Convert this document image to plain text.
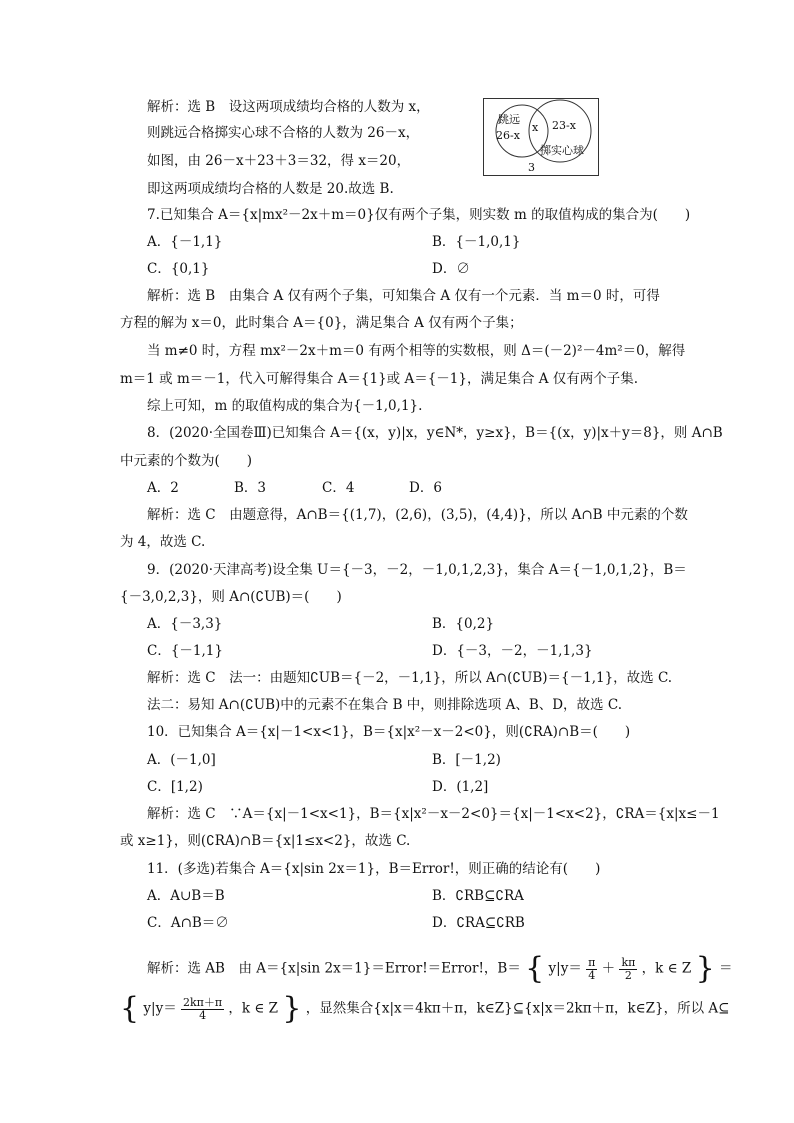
跳远
26-x
x 23-x
掷实心球
3
解析：选 B　设这两项成绩均合格的人数为 x，
则跳远合格掷实心球不合格的人数为 26－x，
如图，由 26－x＋23＋3＝32，得 x＝20，
即这两项成绩均合格的人数是 20.故选 B.
7.已知集合 A＝{x|mx²－2x＋m＝0}仅有两个子集，则实数 m 的取值构成的集合为(　　)
A．{－1,1}	B．{－1,0,1}
C．{0,1}	D．∅
解析：选 B　由集合 A 仅有两个子集，可知集合 A 仅有一个元素．当 m＝0 时，可得
方程的解为 x＝0，此时集合 A＝{0}，满足集合 A 仅有两个子集；
当 m≠0 时，方程 mx²－2x＋m＝0 有两个相等的实数根，则 Δ＝(－2)²－4m²＝0，解得
m＝1 或 m＝－1，代入可解得集合 A＝{1}或 A＝{－1}，满足集合 A 仅有两个子集.
综上可知，m 的取值构成的集合为{－1,0,1}.
8．(2020·全国卷Ⅲ)已知集合 A＝{(x，y)|x，y∈N*，y≥x}，B＝{(x，y)|x＋y＝8}，则 A∩B
中元素的个数为(　　)
A．2	B．3	C．4	D．6
解析：选 C　由题意得，A∩B＝{(1,7)，(2,6)，(3,5)，(4,4)}，所以 A∩B 中元素的个数
为 4，故选 C.
9．(2020·天津高考)设全集 U＝{－3，－2，－1,0,1,2,3}，集合 A＝{－1,0,1,2}，B＝
{－3,0,2,3}，则 A∩(∁UB)＝(　　)
A．{－3,3}	B．{0,2}
C．{－1,1}	D．{－3，－2，－1,1,3}
解析：选 C　法一：由题知∁UB＝{－2，－1,1}，所以 A∩(∁UB)＝{－1,1}，故选 C.
法二：易知 A∩(∁UB)中的元素不在集合 B 中，则排除选项 A、B、D，故选 C.
10．已知集合 A＝{x|－1<x<1}，B＝{x|x²－x－2<0}，则(∁RA)∩B＝(　　)
A．(－1,0]	B．[－1,2)
C．[1,2)	D．(1,2]
解析：选 C　∵A＝{x|－1<x<1}，B＝{x|x²－x－2<0}＝{x|－1<x<2}，∁RA＝{x|x≤－1
或 x≥1}，则(∁RA)∩B＝{x|1≤x<2}，故选 C.
11．(多选)若集合 A＝{x|sin 2x＝1}，B＝Error!，则正确的结论有(　　)
A．A∪B＝B	B．∁RB⊆∁RA
C．A∩B＝∅	D．∁RA⊆∁RB
解析：选 AB　由 A＝{x|sin 2x＝1}＝Error!＝Error!，B＝ { $y|y= \frac{\pi}{4} + \frac{k\pi}{2}$ ，k ∈ Z } ＝
{ $y|y= \frac{2k\pi+\pi}{4}$ ，k ∈ Z } ，显然集合{x|x＝4kπ＋π，k∈Z}⊆{x|x＝2kπ＋π，k∈Z}，所以 A⊆
